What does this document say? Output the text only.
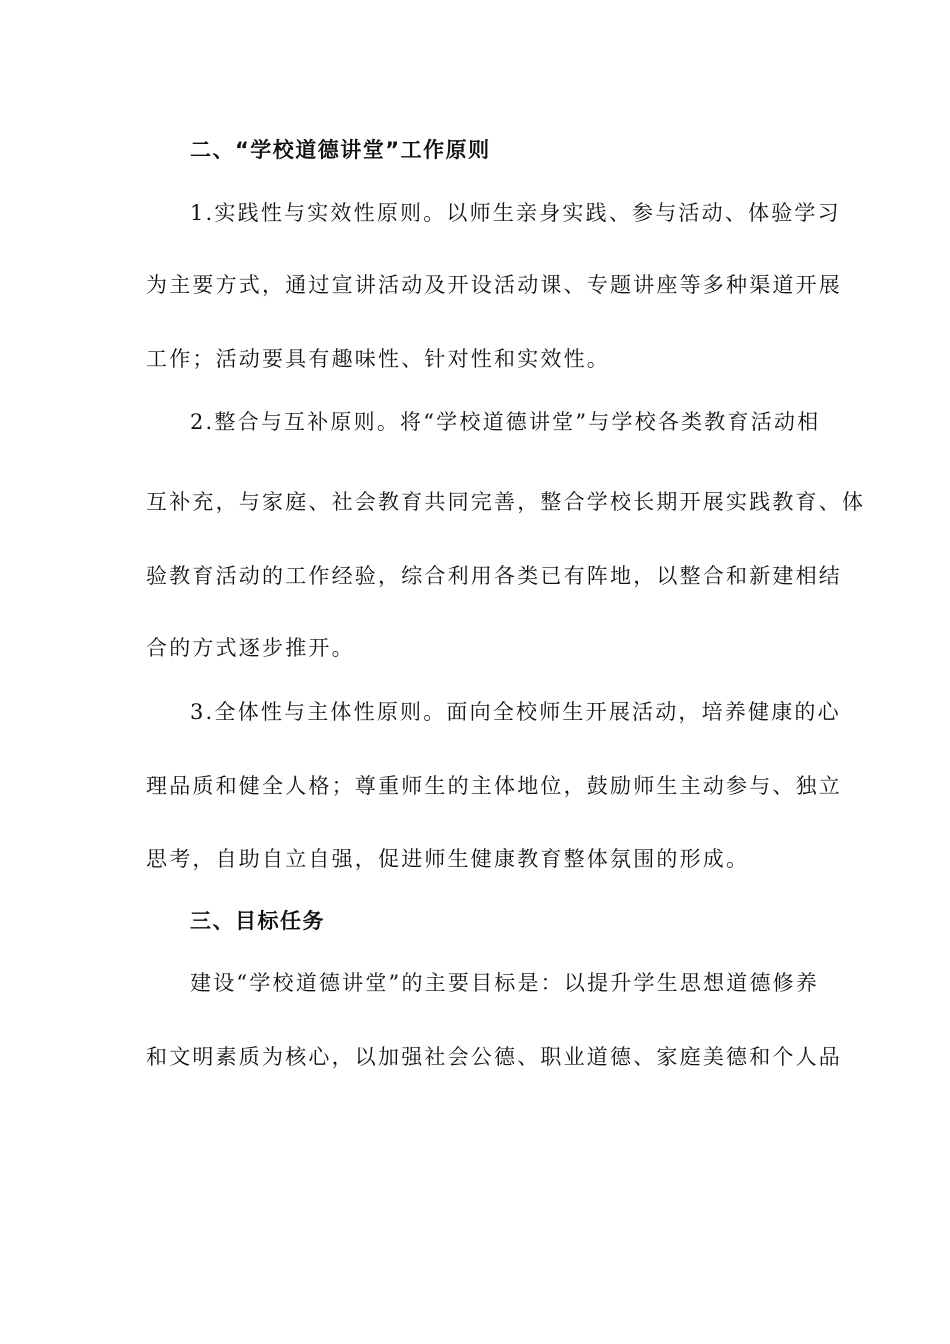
二、“学校道德讲堂”工作原则
1.实践性与实效性原则。以师生亲身实践、参与活动、体验学习
为主要方式，通过宣讲活动及开设活动课、专题讲座等多种渠道开展
工作；活动要具有趣味性、针对性和实效性。
2.整合与互补原则。将“学校道德讲堂”与学校各类教育活动相
互补充，与家庭、社会教育共同完善，整合学校长期开展实践教育、体
验教育活动的工作经验，综合利用各类已有阵地，以整合和新建相结
合的方式逐步推开。
3.全体性与主体性原则。面向全校师生开展活动，培养健康的心
理品质和健全人格；尊重师生的主体地位，鼓励师生主动参与、独立
思考，自助自立自强，促进师生健康教育整体氛围的形成。
三、目标任务
建设“学校道德讲堂”的主要目标是：以提升学生思想道德修养
和文明素质为核心，以加强社会公德、职业道德、家庭美德和个人品
